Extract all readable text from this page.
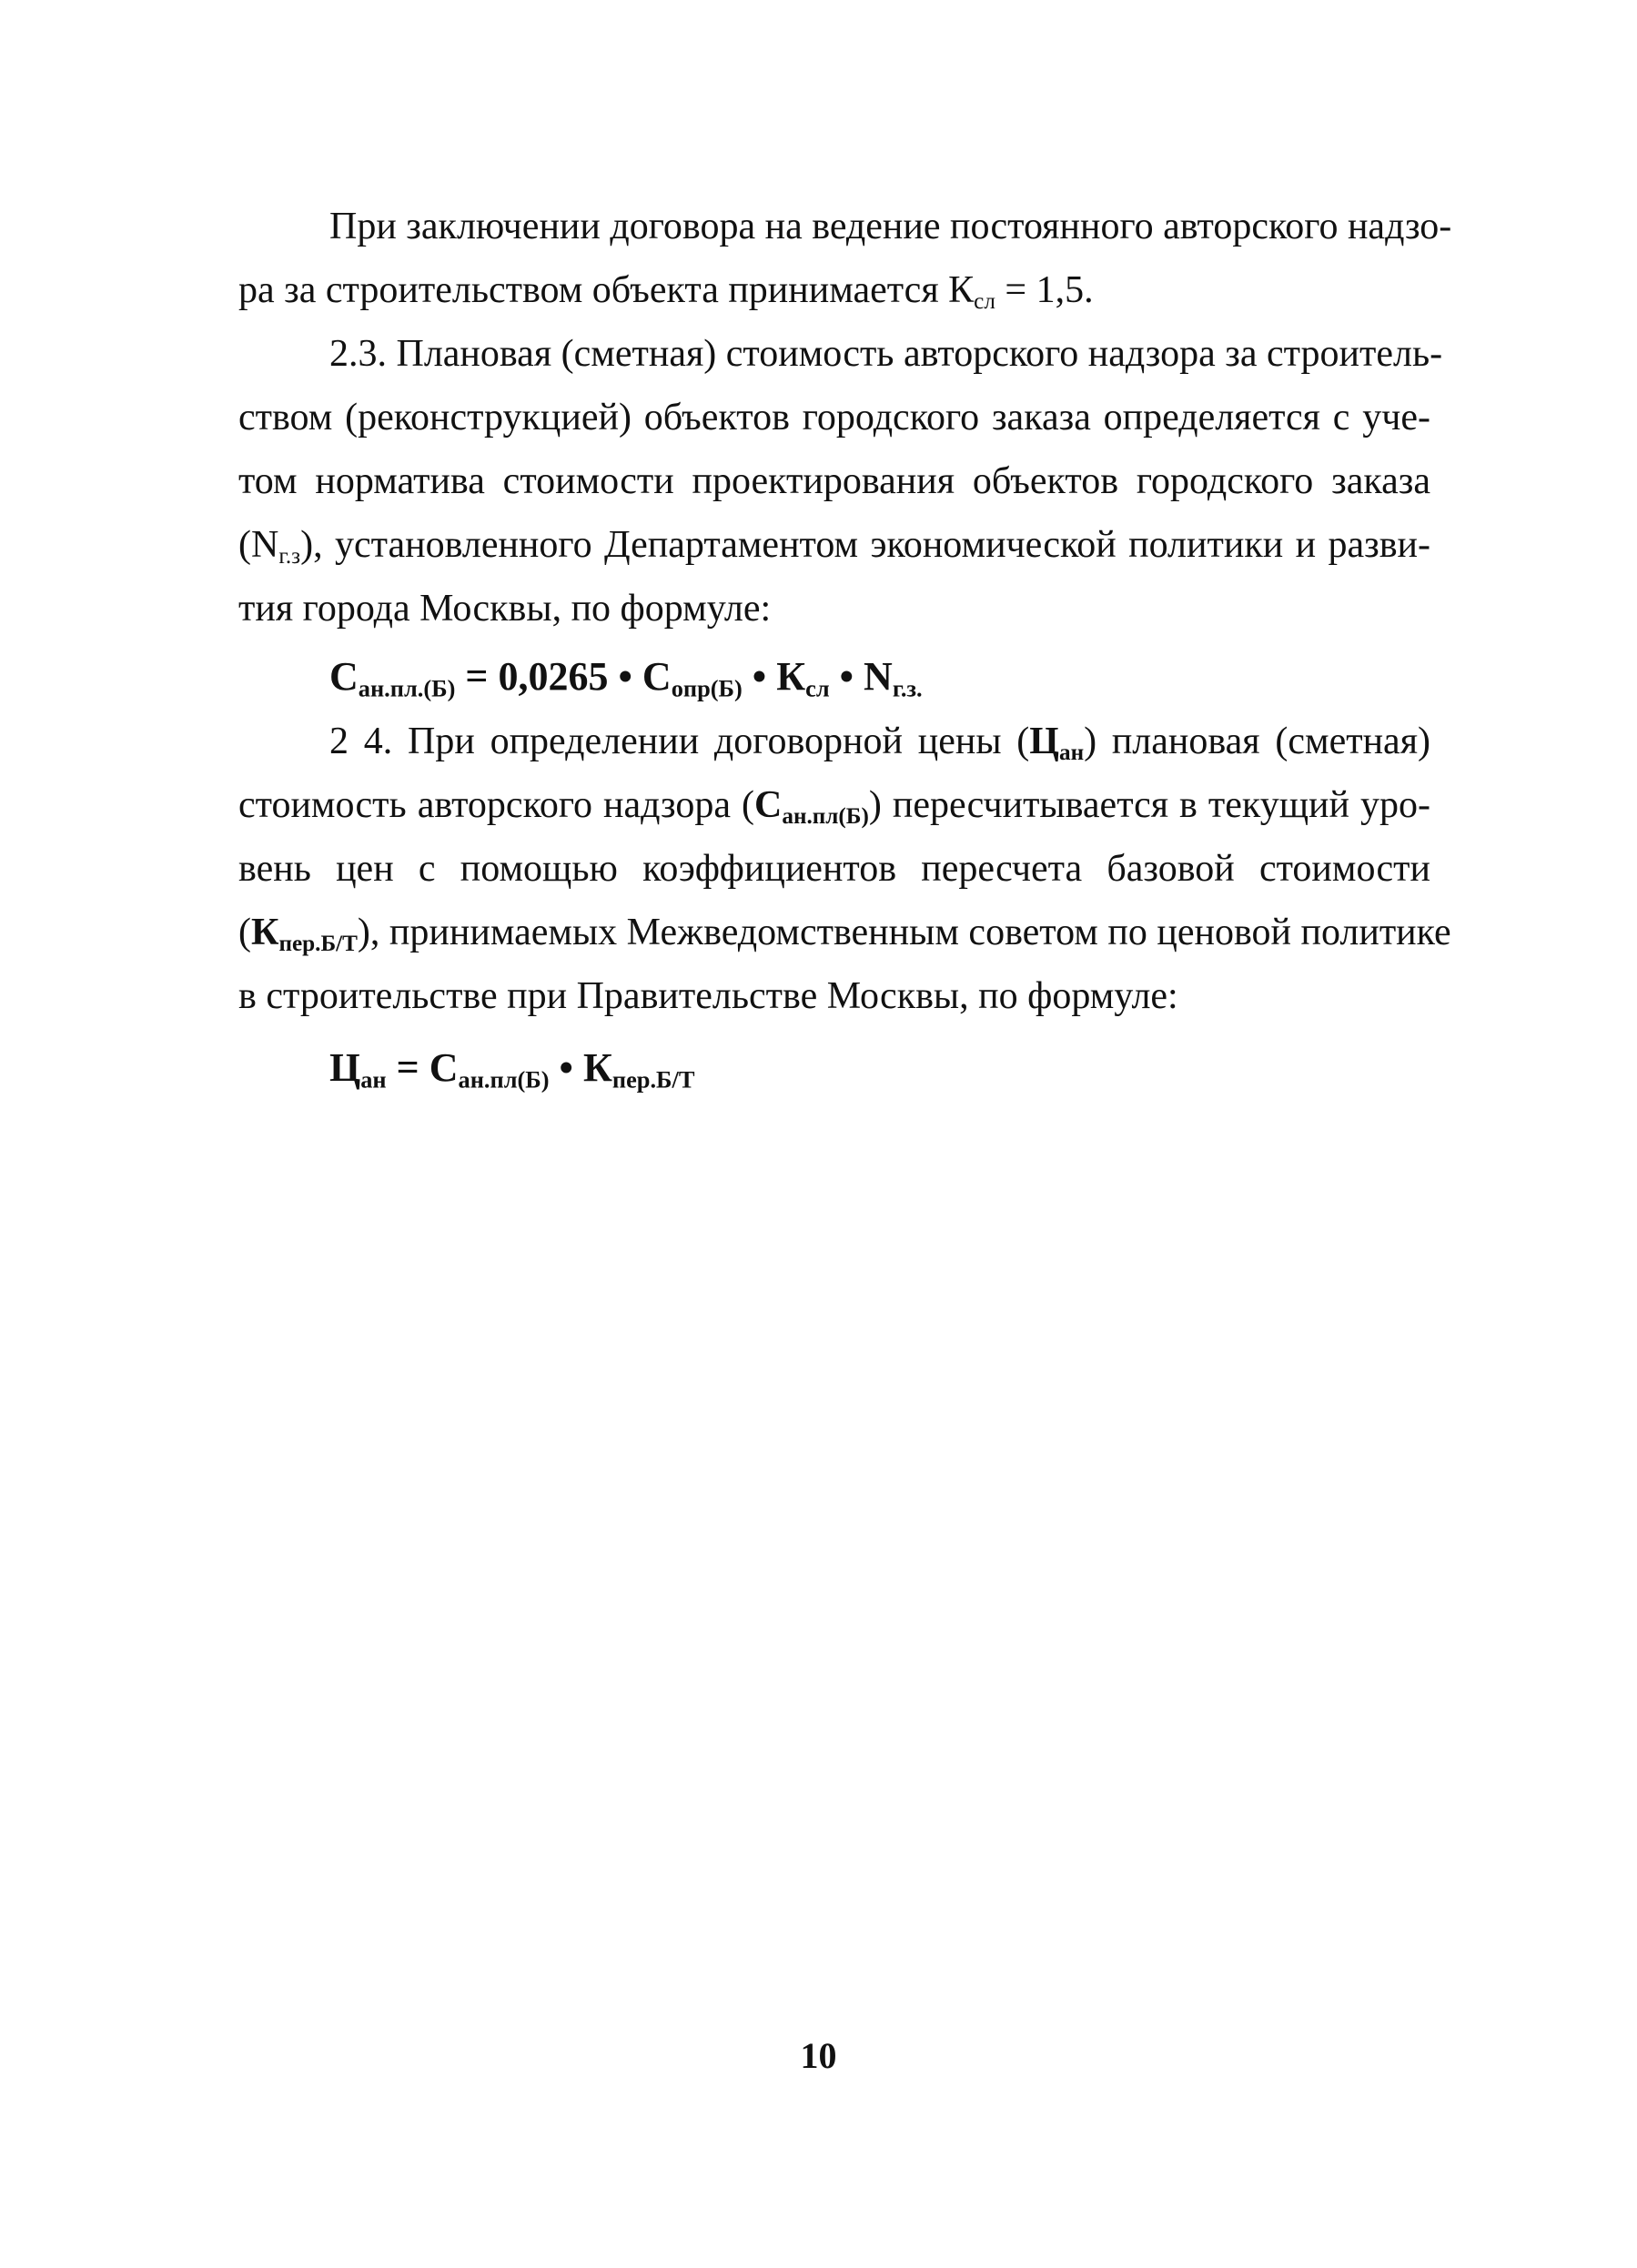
При заключении договора на ведение постоянного авторского надзо-
ра за строительством объекта принимается $К_{сл} = 1,5$.
2.3. Плановая (сметная) стоимость авторского надзора за строитель-
ством (реконструкцией) объектов городского заказа определяется с уче-
том норматива стоимости проектирования объектов городского заказа
$(N_{г.з})$, установленного Департаментом экономической политики и разви-
тия города Москвы, по формуле:
$С_{ан.пл.(Б)} = 0,0265$ • $С_{опр(Б)}$ • $К_{сл}$ • $N_{г.з.}$
2 4. При определении договорной цены $(Ц_{ан})$ плановая (сметная)
стоимость авторского надзора $(С_{ан.пл(Б)})$ пересчитывается в текущий уро-
вень цен с помощью коэффициентов пересчета базовой стоимости
$(К_{пер.Б/Т})$, принимаемых Межведомственным советом по ценовой политике
в строительстве при Правительстве Москвы, по формуле:
$Ц_{ан} = С_{ан.пл(Б)}$ • $К_{пер.Б/Т}$
10
